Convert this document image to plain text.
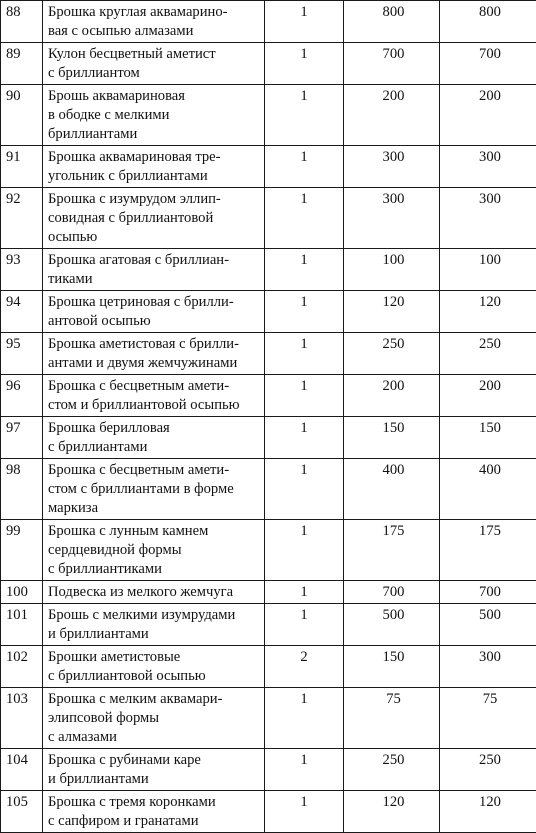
88	Брошка круглая аквамарино-
вая с осыпью алмазами	1	800	800
89	Кулон бесцветный аметист
с бриллиантом	1	700	700
90	Брошь аквамариновая
в ободке с мелкими
бриллиантами	1	200	200
91	Брошка аквамариновая тре-
угольник с бриллиантами	1	300	300
92	Брошка с изумрудом эллип-
совидная с бриллиантовой
осыпью	1	300	300
93	Брошка агатовая с бриллиан-
тиками	1	100	100
94	Брошка цетриновая с брилли-
антовой осыпью	1	120	120
95	Брошка аметистовая с брилли-
антами и двумя жемчужинами	1	250	250
96	Брошка с бесцветным амети-
стом и бриллиантовой осыпью	1	200	200
97	Брошка берилловая
с бриллиантами	1	150	150
98	Брошка с бесцветным амети-
стом с бриллиантами в форме
маркиза	1	400	400
99	Брошка с лунным камнем
сердцевидной формы
с бриллиантиками	1	175	175
100	Подвеска из мелкого жемчуга	1	700	700
101	Брошь с мелкими изумрудами
и бриллиантами	1	500	500
102	Брошки аметистовые
с бриллиантовой осыпью	2	150	300
103	Брошка с мелким аквамари-
элипсовой формы
с алмазами	1	75	75
104	Брошка с рубинами каре
и бриллиантами	1	250	250
105	Брошка с тремя коронками
с сапфиром и гранатами	1	120	120
